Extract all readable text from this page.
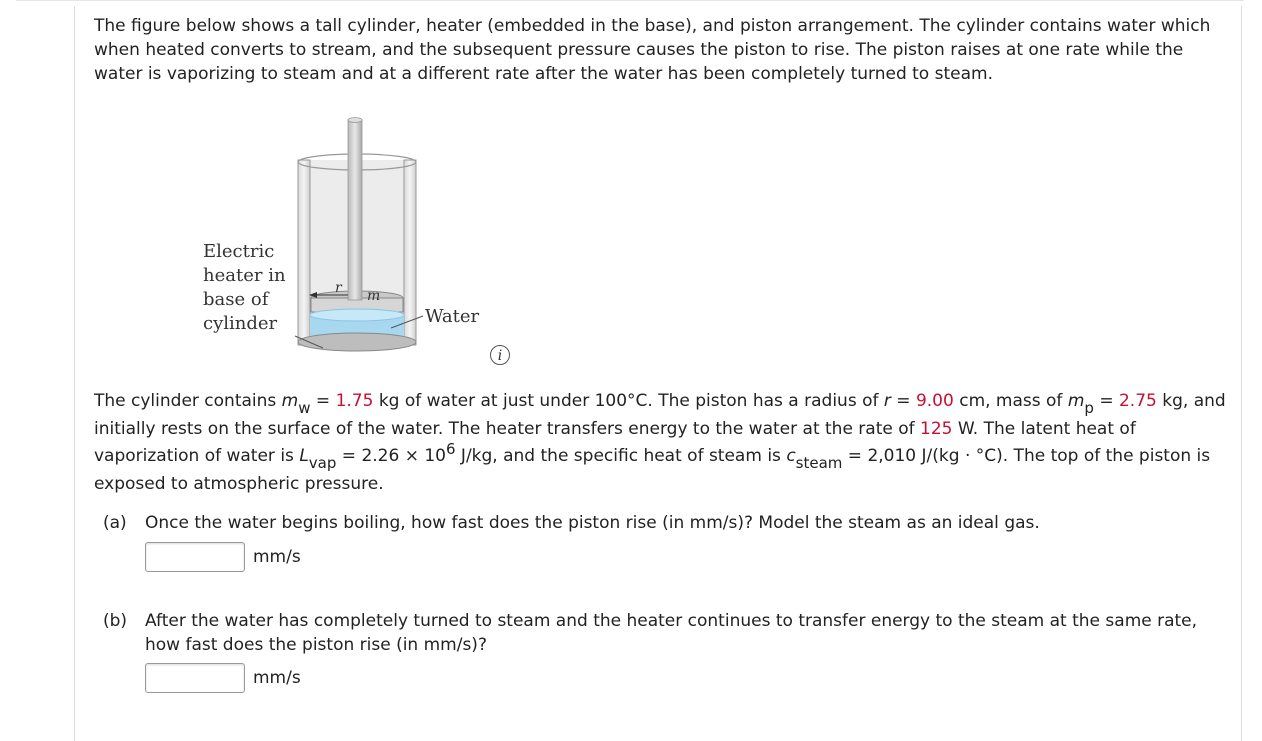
The figure below shows a tall cylinder, heater (embedded in the base), and piston arrangement. The cylinder contains water which when heated converts to stream, and the subsequent pressure causes the piston to rise. The piston raises at one rate while the water is vaporizing to steam and at a different rate after the water has been completely turned to steam.
Electric
heater in
base of
cylinder
r m
Water
i
The cylinder contains mw = 1.75 kg of water at just under 100°C. The piston has a radius of r = 9.00 cm, mass of mp = 2.75 kg, and initially rests on the surface of the water. The heater transfers energy to the water at the rate of 125 W. The latent heat of vaporization of water is Lvap = 2.26 × 106 J/kg, and the specific heat of steam is csteam = 2,010 J/(kg · °C). The top of the piston is exposed to atmospheric pressure.
(a) Once the water begins boiling, how fast does the piston rise (in mm/s)? Model the steam as an ideal gas.
mm/s
(b) After the water has completely turned to steam and the heater continues to transfer energy to the steam at the same rate, how fast does the piston rise (in mm/s)?
mm/s
